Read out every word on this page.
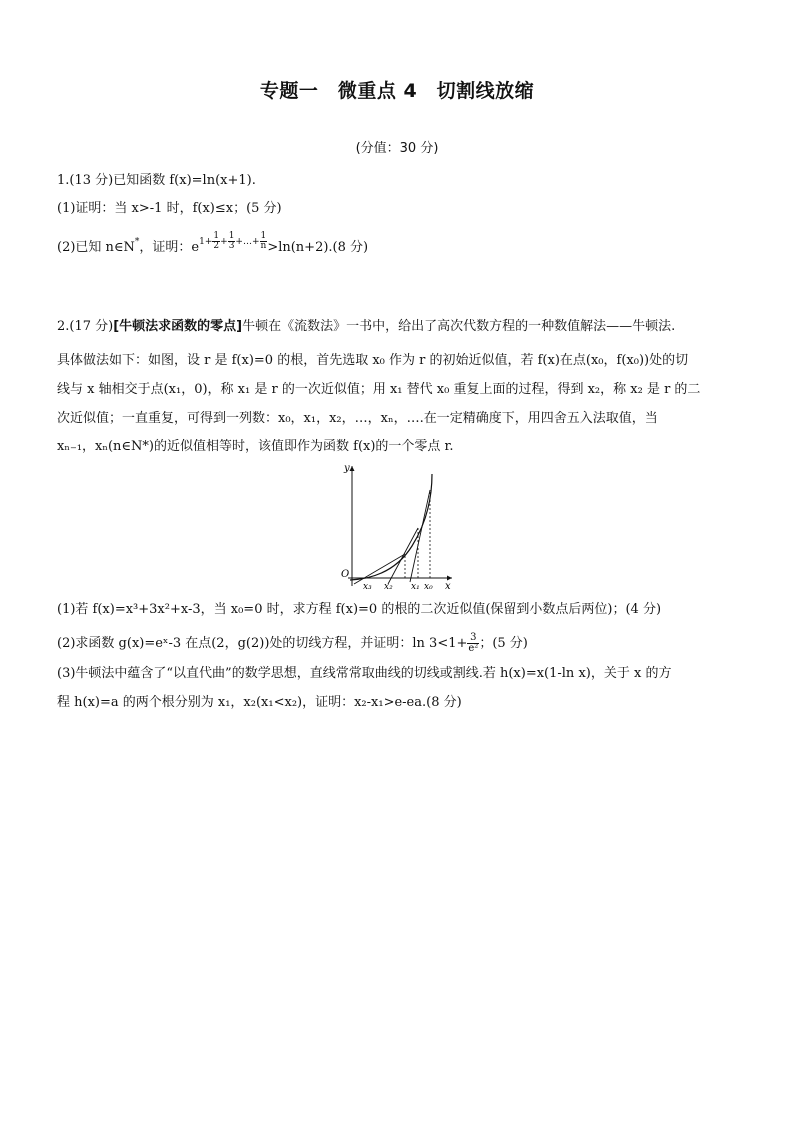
专题一　微重点 4　切割线放缩
(分值：30 分)
1.(13 分)已知函数 f(x)=ln(x+1).
(1)证明：当 x>-1 时，f(x)≤x；(5 分)
(2)已知 n∈N*，证明：$e^{1+ \frac{1}{2} + \frac{1}{3} +\dots+ \frac{1}{n}} >\ln(n+2).(8$ 分)
2.(17 分)[牛顿法求函数的零点]牛顿在《流数法》一书中，给出了高次代数方程的一种数值解法——牛顿法.
具体做法如下：如图，设 r 是 f(x)=0 的根，首先选取 x₀ 作为 r 的初始近似值，若 f(x)在点(x₀，f(x₀))处的切
线与 x 轴相交于点(x₁，0)，称 x₁ 是 r 的一次近似值；用 x₁ 替代 x₀ 重复上面的过程，得到 x₂，称 x₂ 是 r 的二
次近似值；一直重复，可得到一列数：x₀，x₁，x₂，…，xₙ，….在一定精确度下，用四舍五入法取值，当
xₙ₋₁，xₙ(n∈N*)的近似值相等时，该值即作为函数 f(x)的一个零点 r.
y
x
O
x₃ x₂ x₁ x₀
(1)若 f(x)=x³+3x²+x-3，当 x₀=0 时，求方程 f(x)=0 的根的二次近似值(保留到小数点后两位)；(4 分)
(2)求函数 g(x)=eˣ-3 在点(2，g(2))处的切线方程，并证明：$\ln 3<1+ \frac{3}{\text{e²}}$ ；(5 分)
(3)牛顿法中蕴含了“以直代曲”的数学思想，直线常常取曲线的切线或割线.若 h(x)=x(1-ln x)，关于 x 的方
程 h(x)=a 的两个根分别为 x₁，x₂(x₁<x₂)，证明：x₂-x₁>e-ea.(8 分)
